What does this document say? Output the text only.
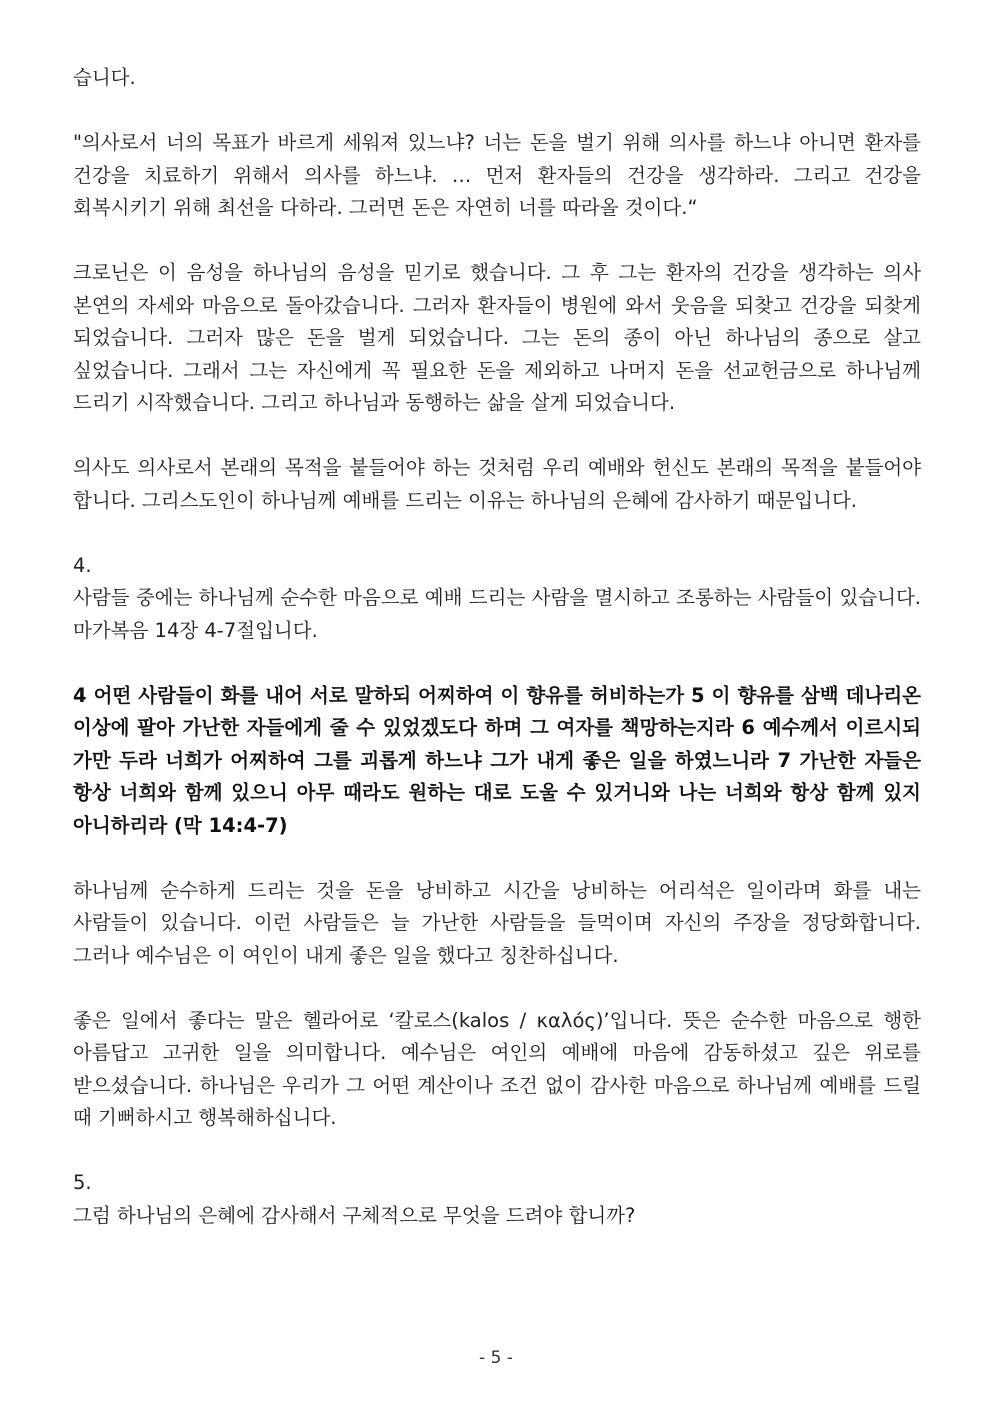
습니다.

"의사로서 너의 목표가 바르게 세워져 있느냐? 너는 돈을 벌기 위해 의사를 하느냐 아니면 환자를 건강을 치료하기 위해서 의사를 하느냐. … 먼저 환자들의 건강을 생각하라. 그리고 건강을 회복시키기 위해 최선을 다하라. 그러면 돈은 자연히 너를 따라올 것이다.“

크로닌은 이 음성을 하나님의 음성을 믿기로 했습니다. 그 후 그는 환자의 건강을 생각하는 의사 본연의 자세와 마음으로 돌아갔습니다. 그러자 환자들이 병원에 와서 웃음을 되찾고 건강을 되찾게 되었습니다. 그러자 많은 돈을 벌게 되었습니다. 그는 돈의 종이 아닌 하나님의 종으로 살고 싶었습니다. 그래서 그는 자신에게 꼭 필요한 돈을 제외하고 나머지 돈을 선교헌금으로 하나님께 드리기 시작했습니다. 그리고 하나님과 동행하는 삶을 살게 되었습니다.

의사도 의사로서 본래의 목적을 붙들어야 하는 것처럼 우리 예배와 헌신도 본래의 목적을 붙들어야 합니다. 그리스도인이 하나님께 예배를 드리는 이유는 하나님의 은혜에 감사하기 때문입니다.

4.

사람들 중에는 하나님께 순수한 마음으로 예배 드리는 사람을 멸시하고 조롱하는 사람들이 있습니다. 마가복음 14장 4-7절입니다.

4 어떤 사람들이 화를 내어 서로 말하되 어찌하여 이 향유를 허비하는가 5 이 향유를 삼백 데나리온 이상에 팔아 가난한 자들에게 줄 수 있었겠도다 하며 그 여자를 책망하는지라 6 예수께서 이르시되 가만 두라 너희가 어찌하여 그를 괴롭게 하느냐 그가 내게 좋은 일을 하였느니라 7 가난한 자들은 항상 너희와 함께 있으니 아무 때라도 원하는 대로 도울 수 있거니와 나는 너희와 항상 함께 있지 아니하리라 (막 14:4-7)

하나님께 순수하게 드리는 것을 돈을 낭비하고 시간을 낭비하는 어리석은 일이라며 화를 내는 사람들이 있습니다. 이런 사람들은 늘 가난한 사람들을 들먹이며 자신의 주장을 정당화합니다. 그러나 예수님은 이 여인이 내게 좋은 일을 했다고 칭찬하십니다.

좋은 일에서 좋다는 말은 헬라어로 ‘칼로스(kalos / καλός)’입니다. 뜻은 순수한 마음으로 행한 아름답고 고귀한 일을 의미합니다. 예수님은 여인의 예배에 마음에 감동하셨고 깊은 위로를 받으셨습니다. 하나님은 우리가 그 어떤 계산이나 조건 없이 감사한 마음으로 하나님께 예배를 드릴 때 기뻐하시고 행복해하십니다.

5.

그럼 하나님의 은혜에 감사해서 구체적으로 무엇을 드려야 합니까?

- 5 -
